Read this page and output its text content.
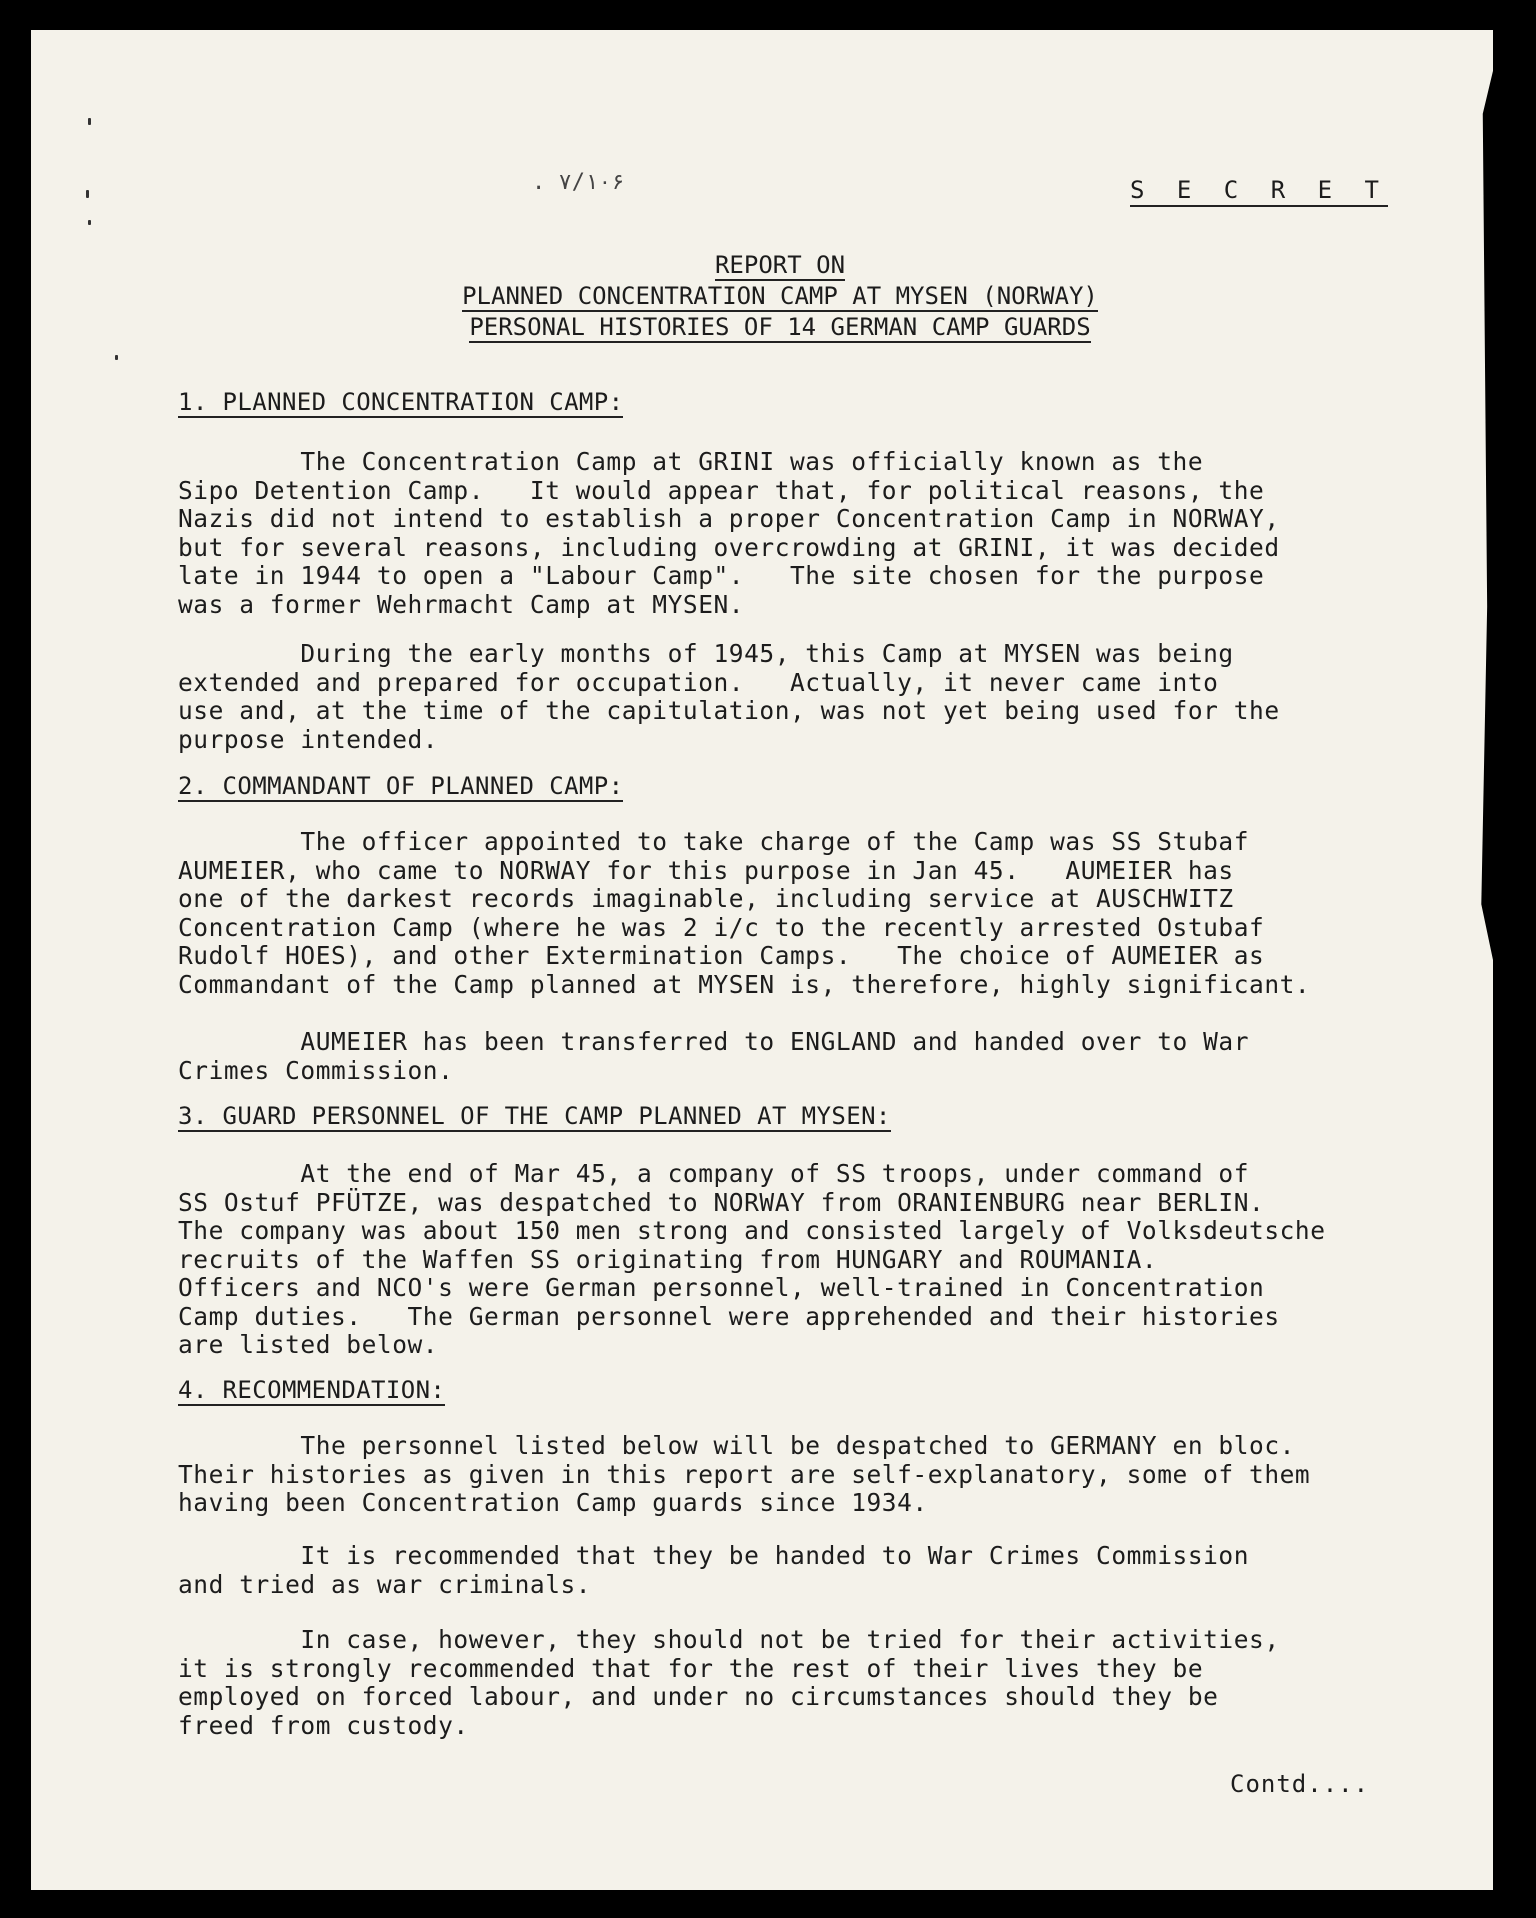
. ۷/۱۰۶	S E C R E T
REPORT ON
PLANNED CONCENTRATION CAMP AT MYSEN (NORWAY)
PERSONAL HISTORIES OF 14 GERMAN CAMP GUARDS
1. PLANNED CONCENTRATION CAMP:
The Concentration Camp at GRINI was officially known as the
Sipo Detention Camp.   It would appear that, for political reasons, the
Nazis did not intend to establish a proper Concentration Camp in NORWAY,
but for several reasons, including overcrowding at GRINI, it was decided
late in 1944 to open a "Labour Camp".   The site chosen for the purpose
was a former Wehrmacht Camp at MYSEN.
During the early months of 1945, this Camp at MYSEN was being
extended and prepared for occupation.   Actually, it never came into
use and, at the time of the capitulation, was not yet being used for the
purpose intended.
2. COMMANDANT OF PLANNED CAMP:
The officer appointed to take charge of the Camp was SS Stubaf
AUMEIER, who came to NORWAY for this purpose in Jan 45.   AUMEIER has
one of the darkest records imaginable, including service at AUSCHWITZ
Concentration Camp (where he was 2 i/c to the recently arrested Ostubaf
Rudolf HOES), and other Extermination Camps.   The choice of AUMEIER as
Commandant of the Camp planned at MYSEN is, therefore, highly significant.
AUMEIER has been transferred to ENGLAND and handed over to War
Crimes Commission.
3. GUARD PERSONNEL OF THE CAMP PLANNED AT MYSEN:
At the end of Mar 45, a company of SS troops, under command of
SS Ostuf PFÜTZE, was despatched to NORWAY from ORANIENBURG near BERLIN.
The company was about 150 men strong and consisted largely of Volksdeutsche
recruits of the Waffen SS originating from HUNGARY and ROUMANIA.
Officers and NCO's were German personnel, well-trained in Concentration
Camp duties.   The German personnel were apprehended and their histories
are listed below.
4. RECOMMENDATION:
The personnel listed below will be despatched to GERMANY en bloc.
Their histories as given in this report are self-explanatory, some of them
having been Concentration Camp guards since 1934.
It is recommended that they be handed to War Crimes Commission
and tried as war criminals.
In case, however, they should not be tried for their activities,
it is strongly recommended that for the rest of their lives they be
employed on forced labour, and under no circumstances should they be
freed from custody.
Contd....
